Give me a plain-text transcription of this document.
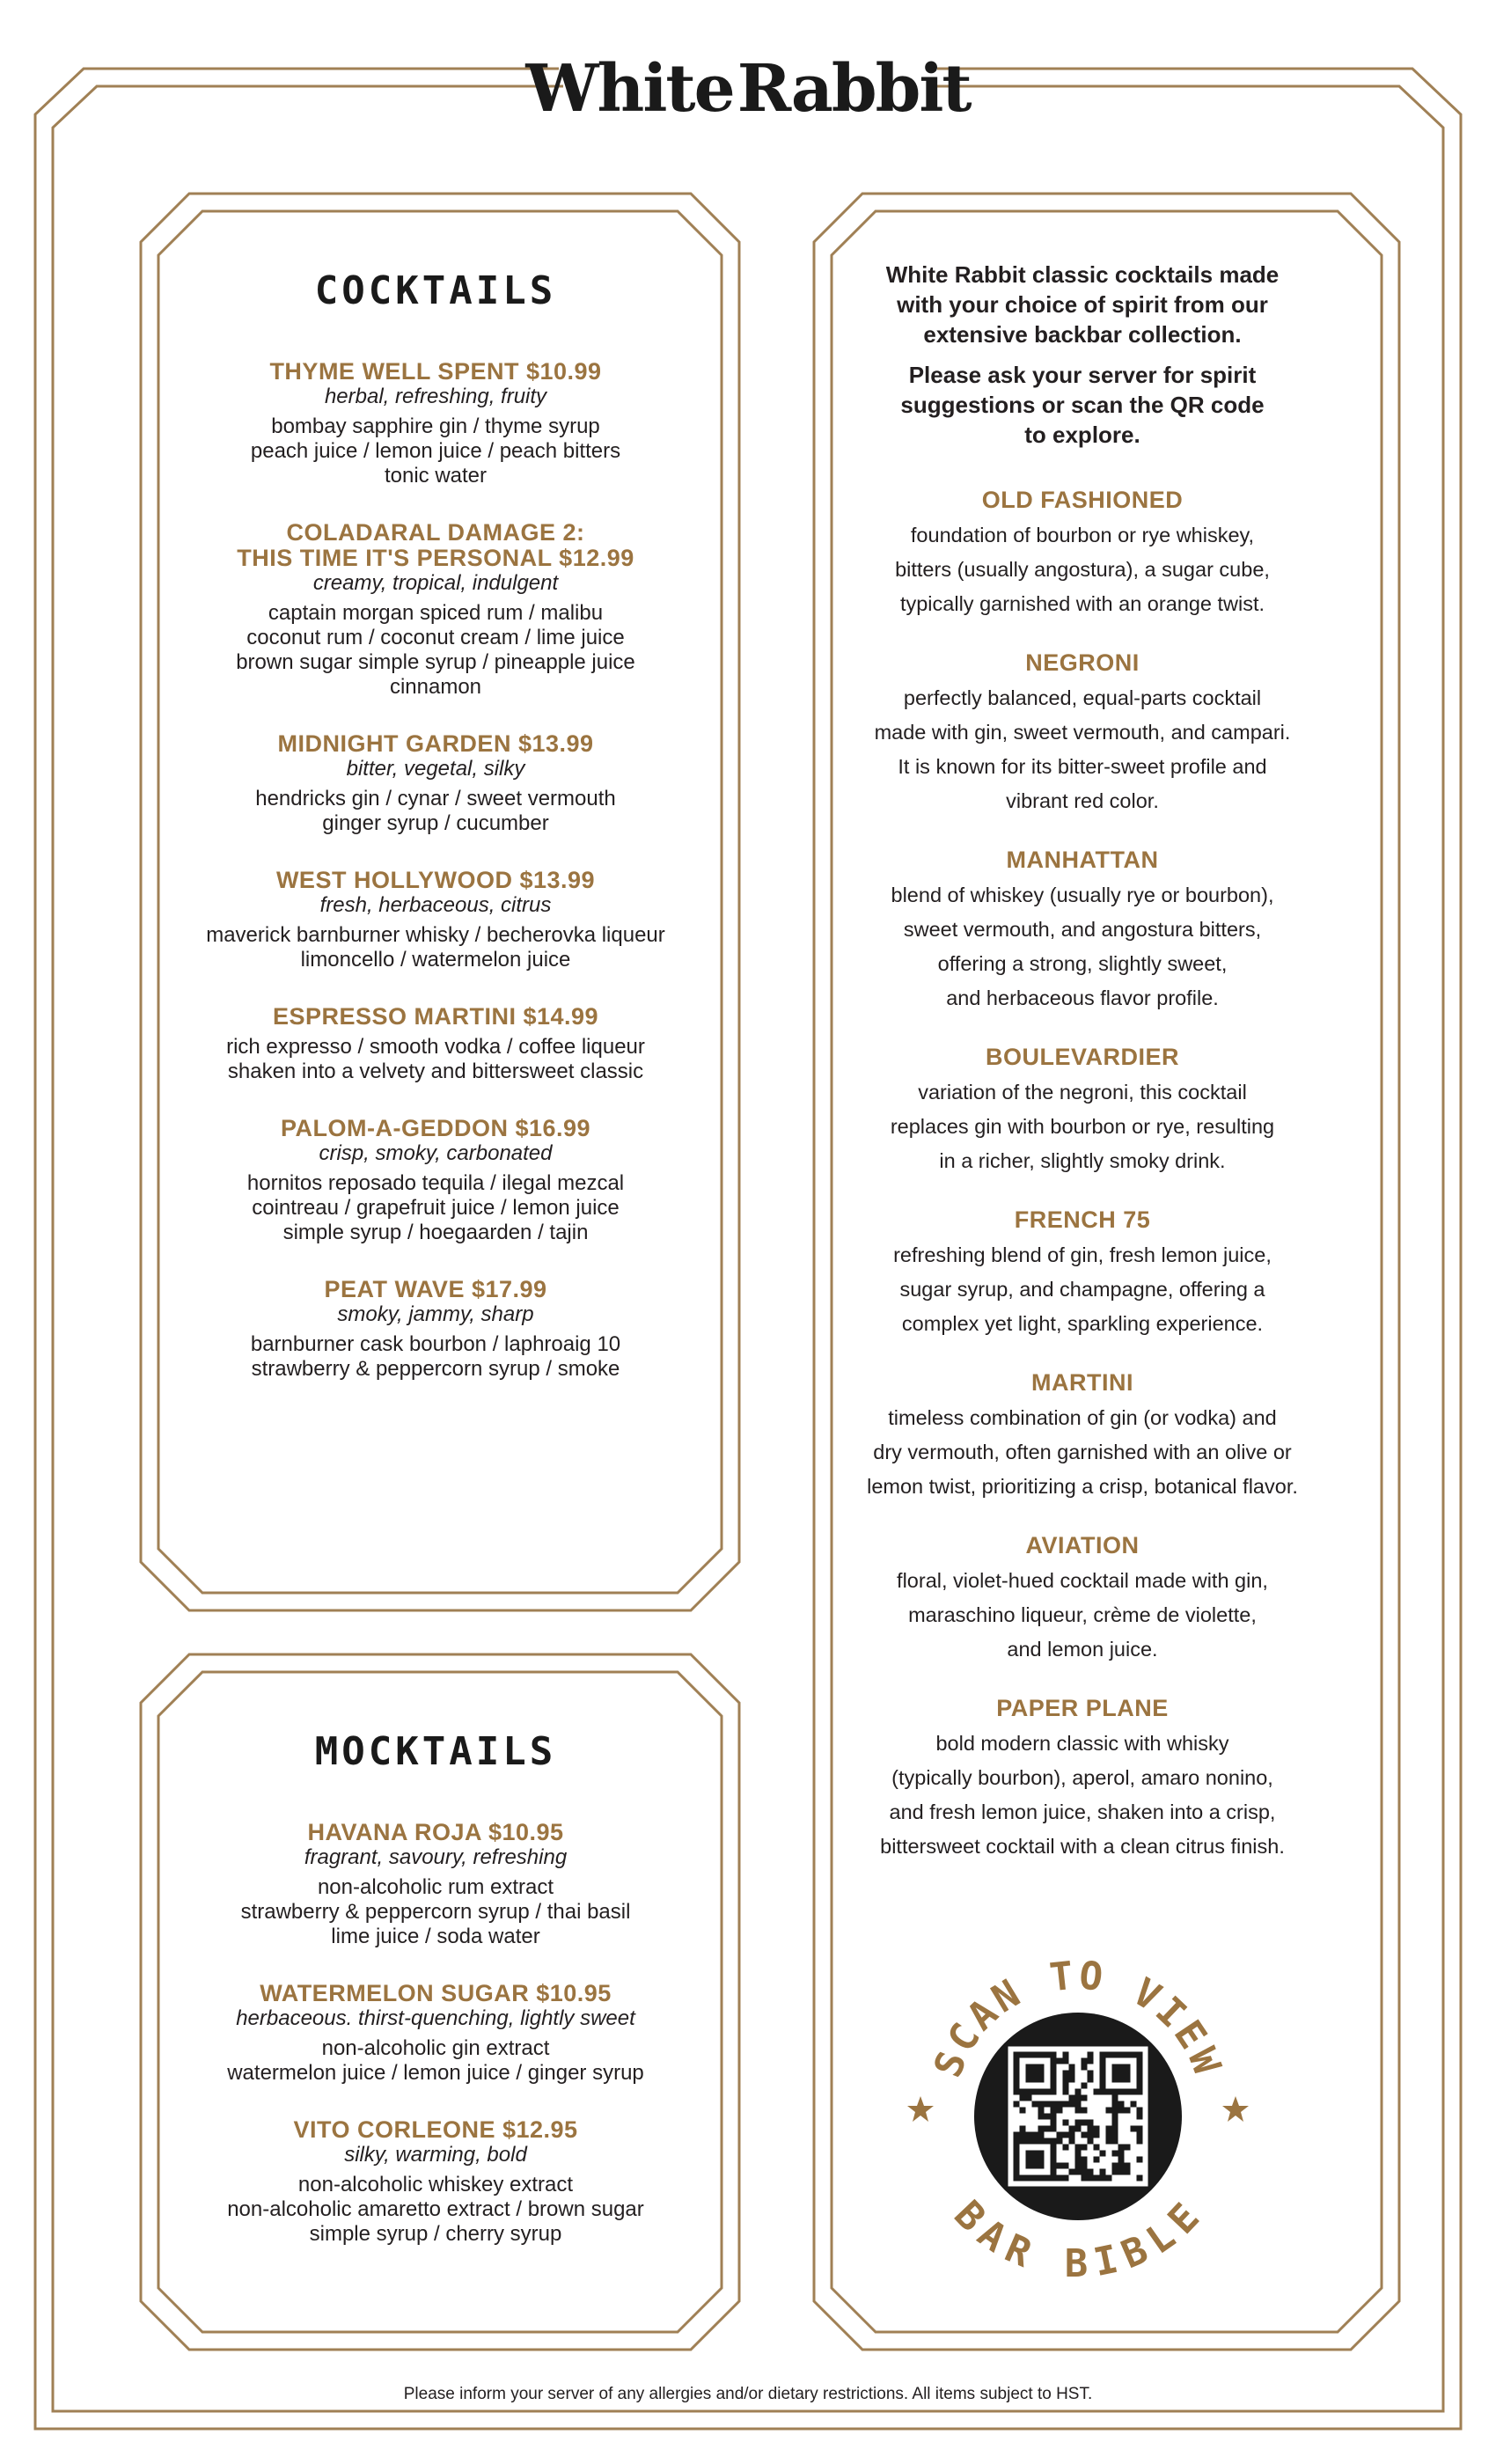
White Rabbit
COCKTAILS
THYME WELL SPENT $10.99
herbal, refreshing, fruity
bombay sapphire gin / thyme syrup
peach juice / lemon juice / peach bitters
tonic water
COLADARAL DAMAGE 2:
THIS TIME IT'S PERSONAL $12.99
creamy, tropical, indulgent
captain morgan spiced rum / malibu
coconut rum / coconut cream / lime juice
brown sugar simple syrup / pineapple juice
cinnamon
MIDNIGHT GARDEN $13.99
bitter, vegetal, silky
hendricks gin / cynar / sweet vermouth
ginger syrup / cucumber
WEST HOLLYWOOD $13.99
fresh, herbaceous, citrus
maverick barnburner whisky / becherovka liqueur
limoncello / watermelon juice
ESPRESSO MARTINI $14.99
rich expresso / smooth vodka / coffee liqueur
shaken into a velvety and bittersweet classic
PALOM-A-GEDDON $16.99
crisp, smoky, carbonated
hornitos reposado tequila / ilegal mezcal
cointreau / grapefruit juice / lemon juice
simple syrup / hoegaarden / tajin
PEAT WAVE $17.99
smoky, jammy, sharp
barnburner cask bourbon / laphroaig 10
strawberry & peppercorn syrup / smoke
MOCKTAILS
HAVANA ROJA $10.95
fragrant, savoury, refreshing
non-alcoholic rum extract
strawberry & peppercorn syrup / thai basil
lime juice / soda water
WATERMELON SUGAR $10.95
herbaceous. thirst-quenching, lightly sweet
non-alcoholic gin extract
watermelon juice / lemon juice / ginger syrup
VITO CORLEONE $12.95
silky, warming, bold
non-alcoholic whiskey extract
non-alcoholic amaretto extract / brown sugar
simple syrup / cherry syrup
White Rabbit classic cocktails made
with your choice of spirit from our
extensive backbar collection.
Please ask your server for spirit
suggestions or scan the QR code
to explore.
OLD FASHIONED
foundation of bourbon or rye whiskey,
bitters (usually angostura), a sugar cube,
typically garnished with an orange twist.
NEGRONI
perfectly balanced, equal-parts cocktail
made with gin, sweet vermouth, and campari.
It is known for its bitter-sweet profile and
vibrant red color.
MANHATTAN
blend of whiskey (usually rye or bourbon),
sweet vermouth, and angostura bitters,
offering a strong, slightly sweet,
and herbaceous flavor profile.
BOULEVARDIER
variation of the negroni, this cocktail
replaces gin with bourbon or rye, resulting
in a richer, slightly smoky drink.
FRENCH 75
refreshing blend of gin, fresh lemon juice,
sugar syrup, and champagne, offering a
complex yet light, sparkling experience.
MARTINI
timeless combination of gin (or vodka) and
dry vermouth, often garnished with an olive or
lemon twist, prioritizing a crisp, botanical flavor.
AVIATION
floral, violet-hued cocktail made with gin,
maraschino liqueur, crème de violette,
and lemon juice.
PAPER PLANE
bold modern classic with whisky
(typically bourbon), aperol, amaro nonino,
and fresh lemon juice, shaken into a crisp,
bittersweet cocktail with a clean citrus finish.
SCAN TO VIEW
BAR BIBLE
Please inform your server of any allergies and/or dietary restrictions. All items subject to HST.
